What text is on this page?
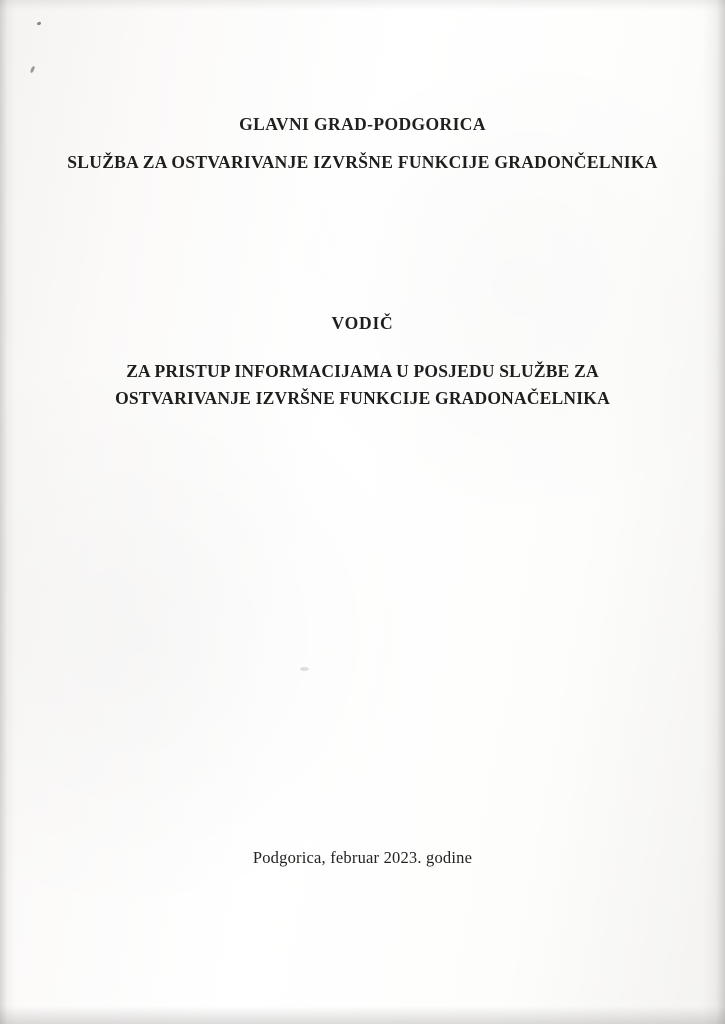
GLAVNI GRAD-PODGORICA
SLUŽBA ZA OSTVARIVANJE IZVRŠNE FUNKCIJE GRADONČELNIKA
VODIČ
ZA PRISTUP INFORMACIJAMA U POSJEDU SLUŽBE ZA
OSTVARIVANJE IZVRŠNE FUNKCIJE GRADONAČELNIKA
Podgorica, februar 2023. godine
